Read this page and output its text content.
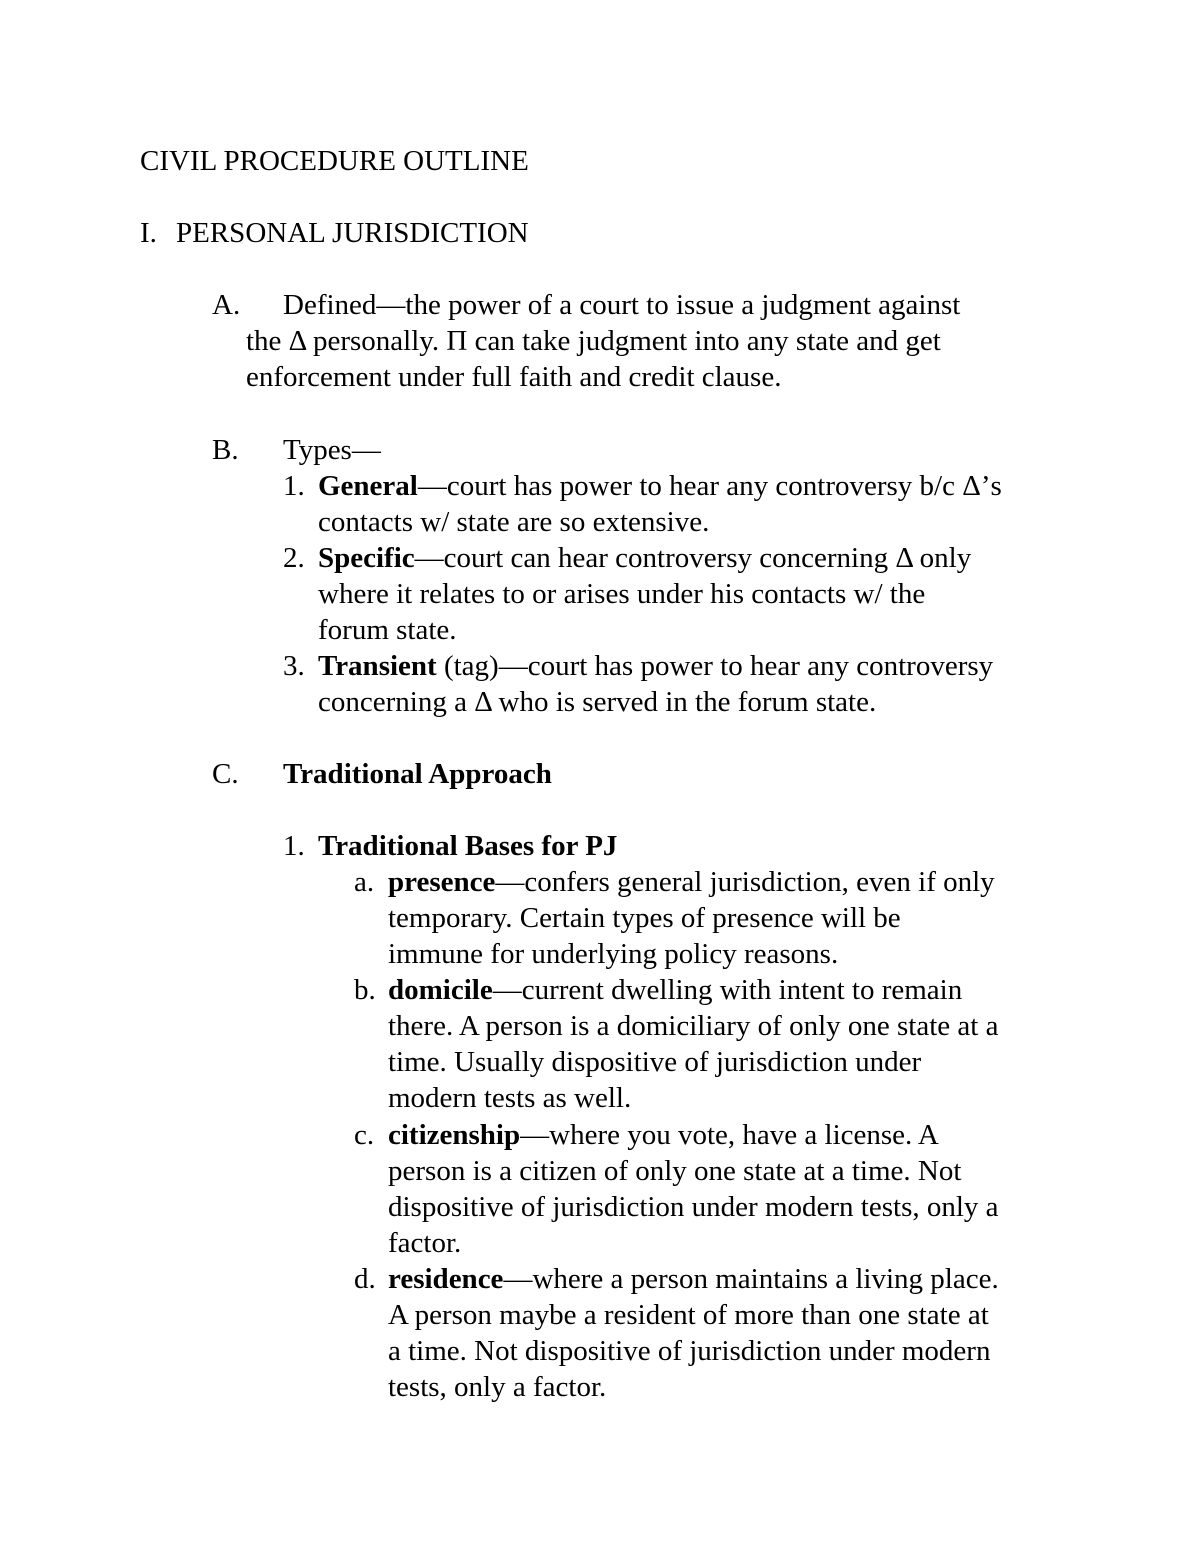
CIVIL PROCEDURE OUTLINE

I. PERSONAL JURISDICTION

A. Defined—the power of a court to issue a judgment against

the Δ personally. Π can take judgment into any state and get

enforcement under full faith and credit clause.

B. Types—

1. General—court has power to hear any controversy b/c Δ’s

contacts w/ state are so extensive.

2. Specific—court can hear controversy concerning Δ only

where it relates to or arises under his contacts w/ the

forum state.

3. Transient (tag)—court has power to hear any controversy

concerning a Δ who is served in the forum state.

C. Traditional Approach

1. Traditional Bases for PJ

a. presence—confers general jurisdiction, even if only

temporary. Certain types of presence will be

immune for underlying policy reasons.

b. domicile—current dwelling with intent to remain

there. A person is a domiciliary of only one state at a

time. Usually dispositive of jurisdiction under

modern tests as well.

c. citizenship—where you vote, have a license. A

person is a citizen of only one state at a time. Not

dispositive of jurisdiction under modern tests, only a

factor.

d. residence—where a person maintains a living place.

A person maybe a resident of more than one state at

a time. Not dispositive of jurisdiction under modern

tests, only a factor.
